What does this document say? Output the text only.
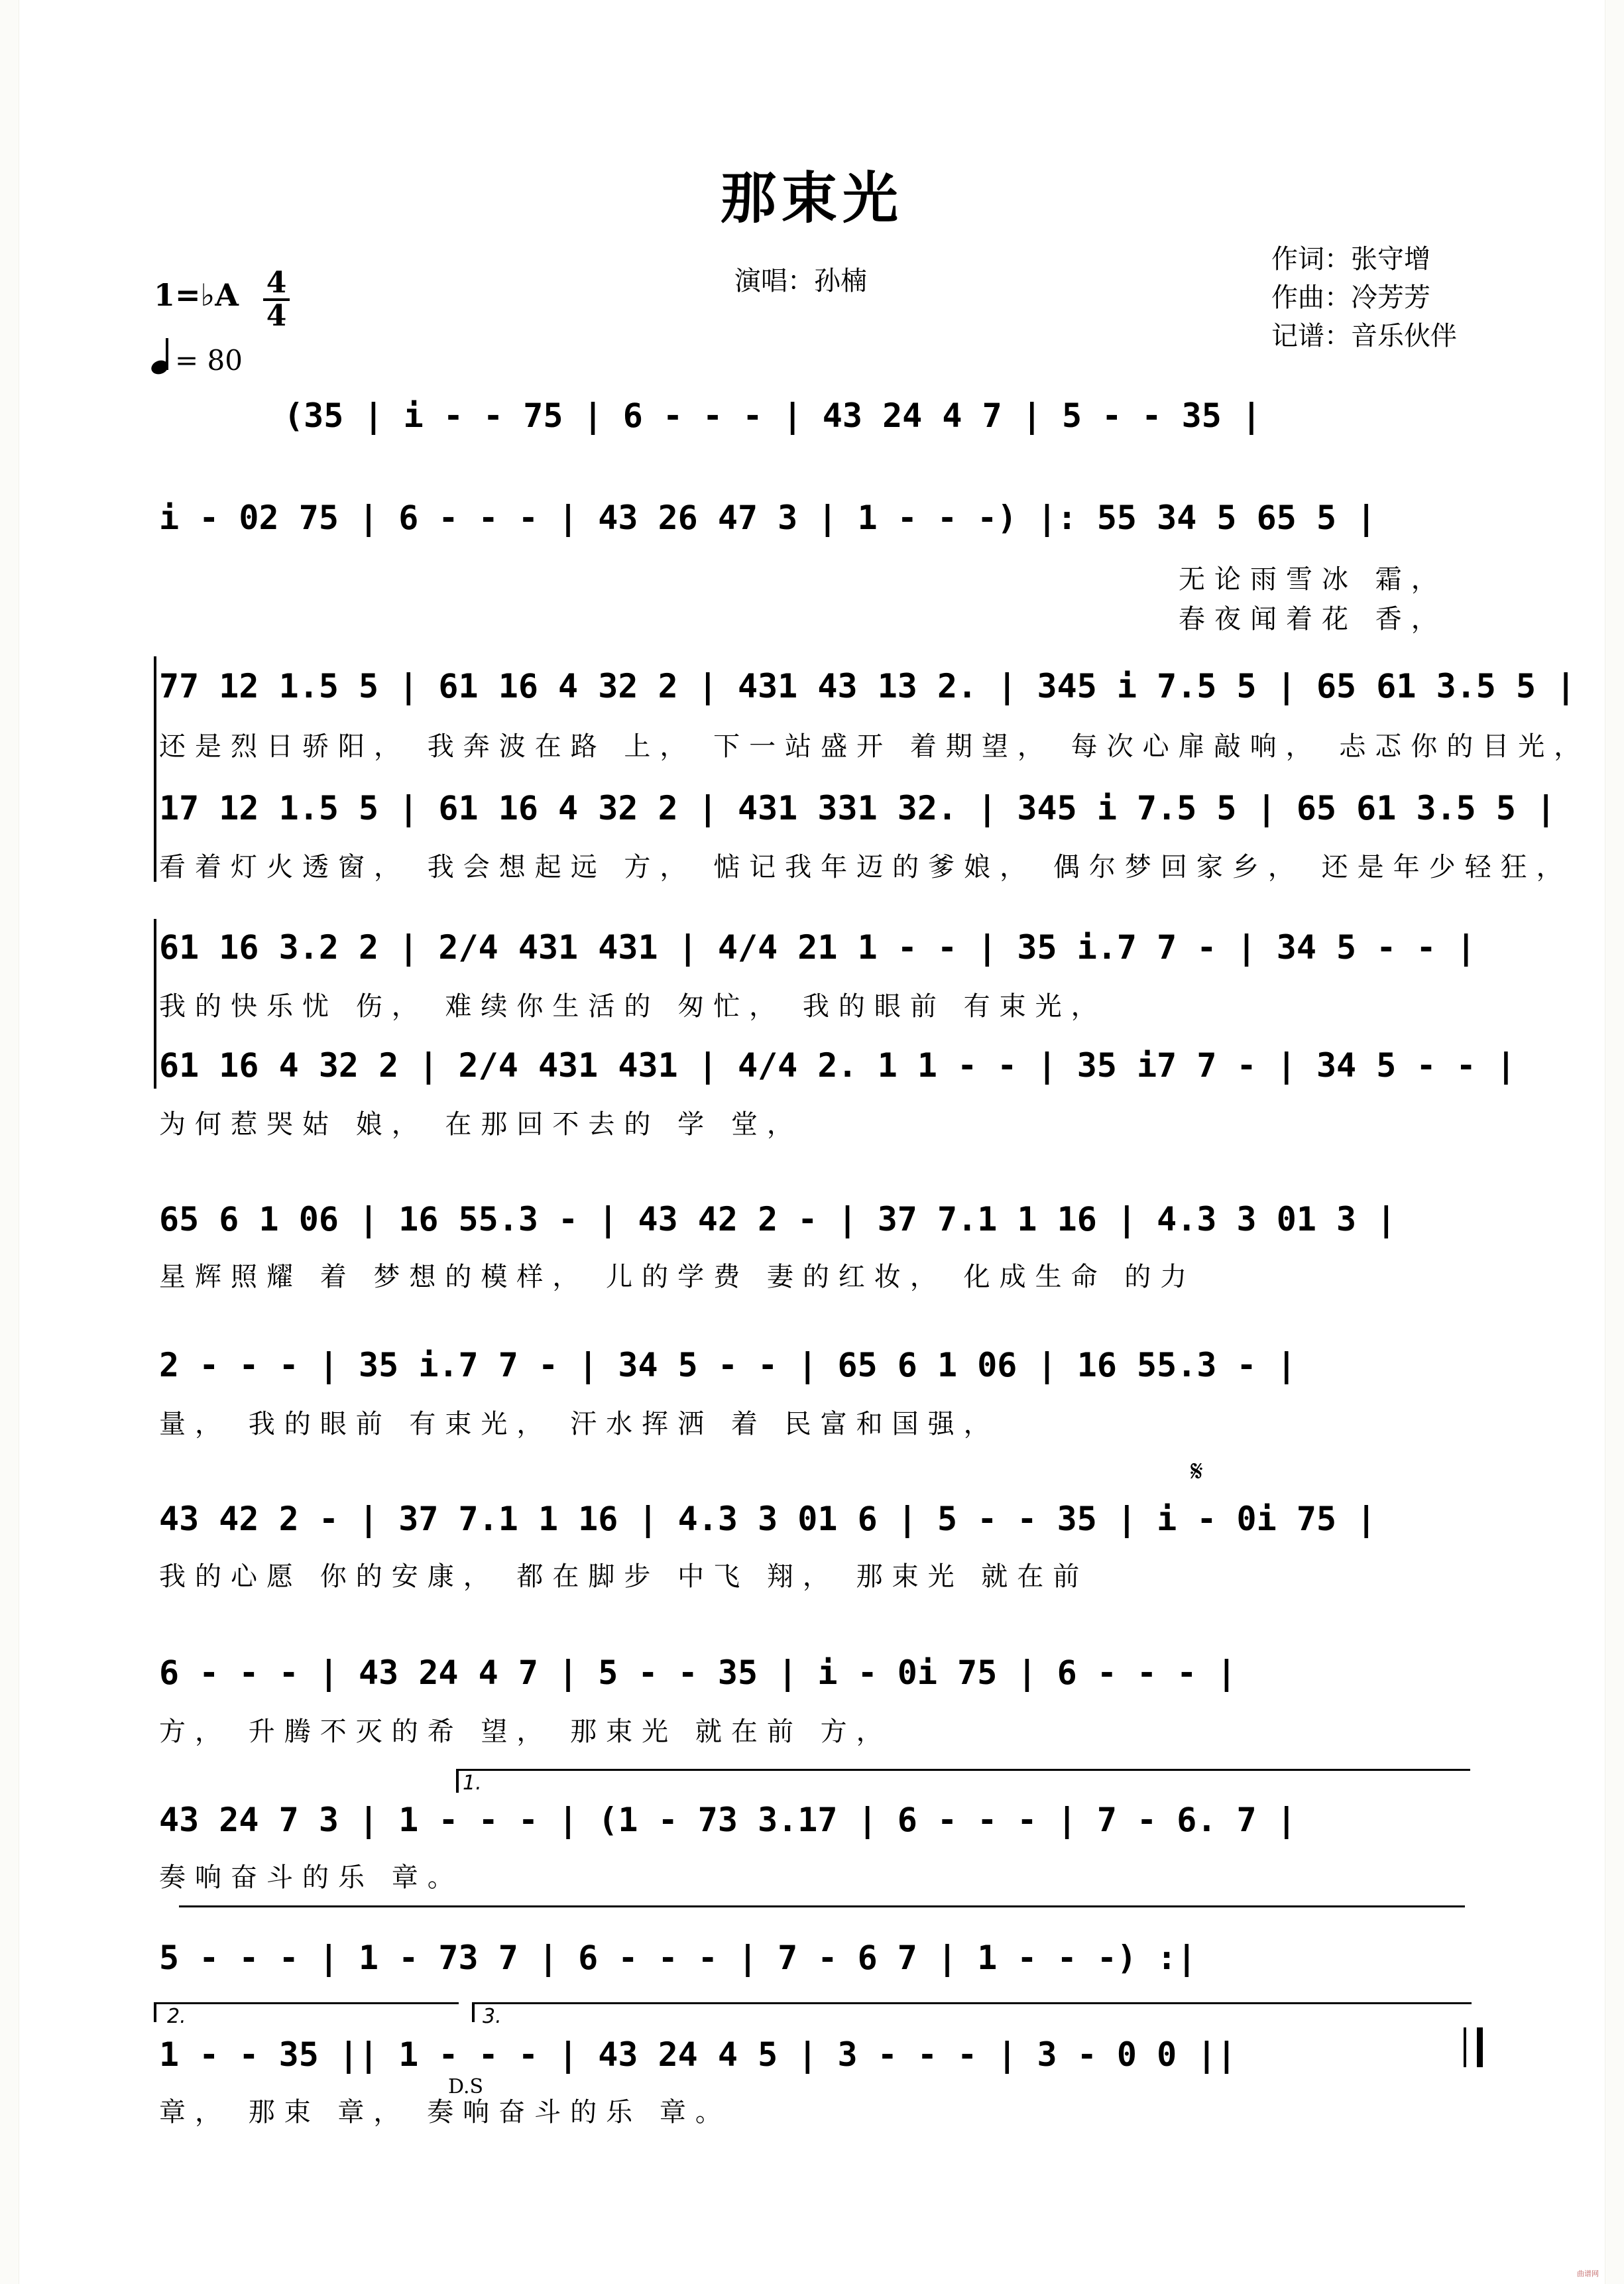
那束光
演唱：孙楠
作词：张守增
作曲：冷芳芳
记谱：音乐伙伴
1=♭A 4
4
= 80
(35 | i - - 75 | 6 - - - | 43 24 4 7 | 5 - - 35 |
i - 02 75 | 6 - - - | 43 26 47 3 | 1 - - -) |: 55 34 5 65 5 |
无论雨雪冰 霜，
春夜闻着花 香，
77 12 1.5 5 | 61 16 4 32 2 | 431 43 13 2. | 345 i 7.5 5 | 65 61 3.5 5 |
还是烈日骄阳， 我奔波在路 上， 下一站盛开 着期望， 每次心扉敲响， 忐忑你的目光，
17 12 1.5 5 | 61 16 4 32 2 | 431 331 32. | 345 i 7.5 5 | 65 61 3.5 5 |
看着灯火透窗， 我会想起远 方， 惦记我年迈的爹娘， 偶尔梦回家乡， 还是年少轻狂，
61 16 3.2 2 | 2/4 431 431 | 4/4 21 1 - - | 35 i.7 7 - | 34 5 - - |
我的快乐忧 伤， 难续你生活的 匆忙， 我的眼前 有束光，
61 16 4 32 2 | 2/4 431 431 | 4/4 2. 1 1 - - | 35 i7 7 - | 34 5 - - |
为何惹哭姑 娘， 在那回不去的 学 堂，
65 6 1 06 | 16 55.3 - | 43 42 2 - | 37 7.1 1 16 | 4.3 3 01 3 |
星辉照耀 着 梦想的模样， 儿的学费 妻的红妆， 化成生命 的力
2 - - - | 35 i.7 7 - | 34 5 - - | 65 6 1 06 | 16 55.3 - |
量， 我的眼前 有束光， 汗水挥洒 着 民富和国强，
43 42 2 - | 37 7.1 1 16 | 4.3 3 01 6 | 5 - - 35 | i - 0i 75 |
我的心愿 你的安康， 都在脚步 中飞 翔， 那束光 就在前
6 - - - | 43 24 4 7 | 5 - - 35 | i - 0i 75 | 6 - - - |
方， 升腾不灭的希 望， 那束光 就在前 方，
43 24 7 3 | 1 - - - | (1 - 73 3.17 | 6 - - - | 7 - 6. 7 |
奏响奋斗的乐 章。
5 - - - | 1 - 73 7 | 6 - - - | 7 - 6 7 | 1 - - -) :|
1 - - 35 || 1 - - - | 43 24 4 5 | 3 - - - | 3 - 0 0 ||
章， 那束 章， 奏响奋斗的乐 章。
1.
2.	3.
D.S
𝄋
曲谱网
